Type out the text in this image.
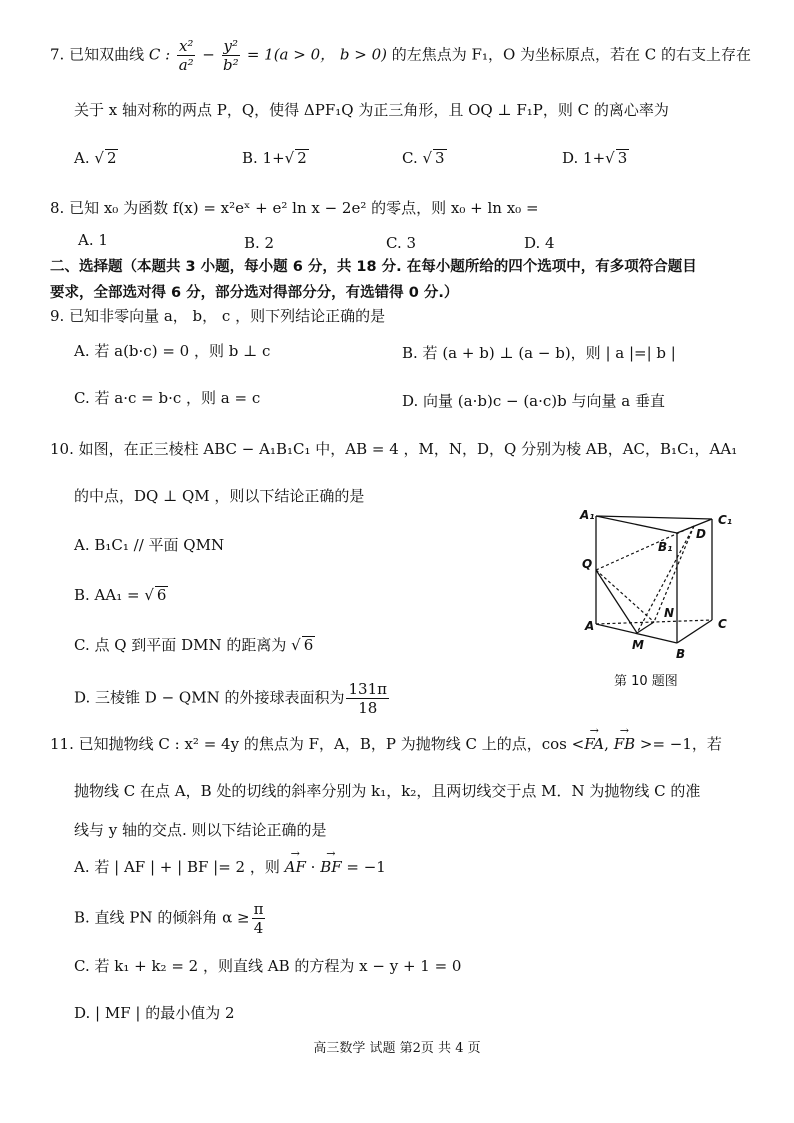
7. 已知双曲线 C : $\frac{\text{x²}}{\text{a²}} - \frac{\text{y²}}{\text{b²}} = 1(a > 0$， b > 0) 的左焦点为 F₁，O 为坐标原点，若在 C 的右支上存在
关于 x 轴对称的两点 P，Q，使得 ΔPF₁Q 为正三角形，且 OQ ⊥ F₁P，则 C 的离心率为
A. √ 2	B. 1+√ 2	C. √ 3	D. 1+√ 3
8. 已知 x₀ 为函数 f(x) = x²eˣ + e² ln x − 2e² 的零点，则 x₀ + ln x₀ =
A. 1	B. 2	C. 3	D. 4
二、选择题（本题共 3 小题，每小题 6 分，共 18 分. 在每小题所给的四个选项中，有多项符合题目
要求，全部选对得 6 分，部分选对得部分分，有选错得 0 分.）
9. 已知非零向量 a， b， c ，则下列结论正确的是
A. 若 a(b·c) = 0 ，则 b ⊥ c	B. 若 (a + b) ⊥ (a − b)，则 | a |=| b |
C. 若 a·c = b·c ，则 a = c	D. 向量 (a·b)c − (a·c)b 与向量 a 垂直
10. 如图，在正三棱柱 ABC − A₁B₁C₁ 中，AB = 4 ，M，N，D，Q 分别为棱 AB，AC，B₁C₁，AA₁
的中点，DQ ⊥ QM ，则以下结论正确的是
A. B₁C₁ // 平面 QMN
B. AA₁ = √ 6
C. 点 Q 到平面 DMN 的距离为 √ 6
D. 三棱锥 D − QMN 的外接球表面积为 $\frac{131\pi}{18}$
A₁	C₁
B₁
D
Q
N
A	C
M
B
第 10 题图
11. 已知抛物线 C : x² = 4y 的焦点为 F，A，B，P 为抛物线 C 上的点，cos <→ FA, → FB >= −1，若
抛物线 C 在点 A，B 处的切线的斜率分别为 k₁，k₂，且两切线交于点 M．N 为抛物线 C 的准
线与 y 轴的交点. 则以下结论正确的是
A. 若 | AF | + | BF |= 2 ，则 → AF · → BF = −1
B. 直线 PN 的倾斜角 $\alpha \ge \frac{\pi}{4}$
C. 若 k₁ + k₂ = 2 ，则直线 AB 的方程为 x − y + 1 = 0
D. | MF | 的最小值为 2
高三数学 试题 第2页 共 4 页
